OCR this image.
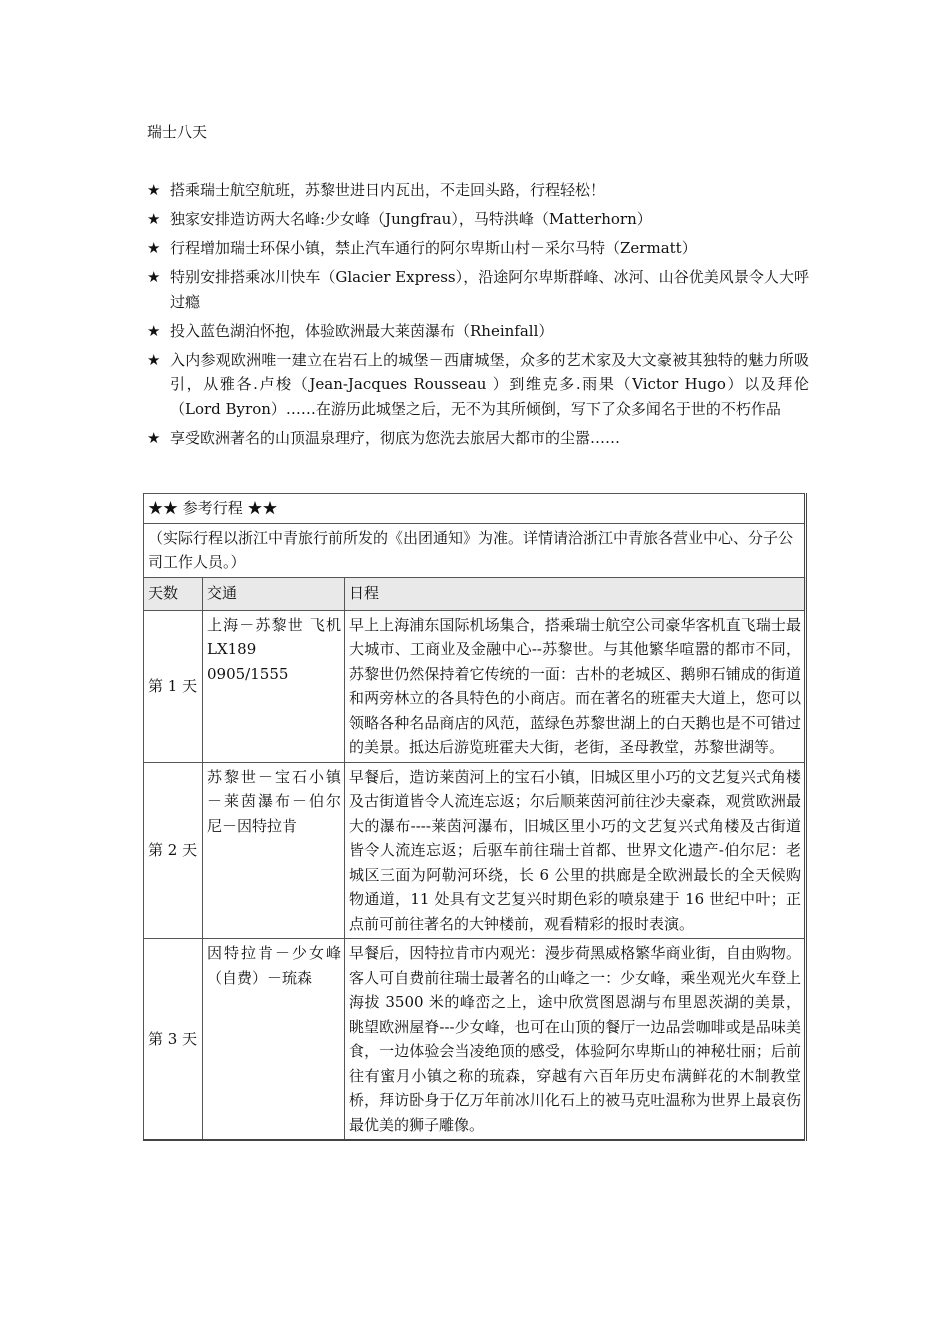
瑞士八天
★ 搭乘瑞士航空航班，苏黎世进日内瓦出，不走回头路，行程轻松！
★ 独家安排造访两大名峰:少女峰（Jungfrau），马特洪峰（Matterhorn）
★ 行程增加瑞士环保小镇，禁止汽车通行的阿尔卑斯山村－采尔马特（Zermatt）
★ 特别安排搭乘冰川快车（Glacier Express），沿途阿尔卑斯群峰、冰河、山谷优美风景令人大呼过瘾
★ 投入蓝色湖泊怀抱，体验欧洲最大莱茵瀑布（Rheinfall）
★ 入内参观欧洲唯一建立在岩石上的城堡－西庸城堡，众多的艺术家及大文豪被其独特的魅力所吸引，从雅各.卢梭（Jean-Jacques Rousseau ）到维克多.雨果（Victor Hugo）以及拜伦（Lord Byron）……在游历此城堡之后，无不为其所倾倒，写下了众多闻名于世的不朽作品
★ 享受欧洲著名的山顶温泉理疗，彻底为您洗去旅居大都市的尘嚣……
★★ 参考行程 ★★		
（实际行程以浙江中青旅行前所发的《出团通知》为准。详情请洽浙江中青旅各营业中心、分子公司工作人员。）		
天数	交通	日程
第 1 天	上海－苏黎世 飞机 LX189 0905/1555	早上上海浦东国际机场集合，搭乘瑞士航空公司豪华客机直飞瑞士最大城市、工商业及金融中心--苏黎世。与其他繁华喧嚣的都市不同，苏黎世仍然保持着它传统的一面：古朴的老城区、鹅卵石铺成的街道和两旁林立的各具特色的小商店。而在著名的班霍夫大道上，您可以领略各种名品商店的风范，蓝绿色苏黎世湖上的白天鹅也是不可错过的美景。抵达后游览班霍夫大街，老街，圣母教堂，苏黎世湖等。
第 2 天	苏黎世－宝石小镇－莱茵瀑布－伯尔尼－因特拉肯	早餐后，造访莱茵河上的宝石小镇，旧城区里小巧的文艺复兴式角楼及古街道皆令人流连忘返；尔后顺莱茵河前往沙夫豪森，观赏欧洲最大的瀑布----莱茵河瀑布，旧城区里小巧的文艺复兴式角楼及古街道皆令人流连忘返；后驱车前往瑞士首都、世界文化遗产-伯尔尼：老城区三面为阿勒河环绕，长 6 公里的拱廊是全欧洲最长的全天候购物通道，11 处具有文艺复兴时期色彩的喷泉建于 16 世纪中叶；正点前可前往著名的大钟楼前，观看精彩的报时表演。
第 3 天	因特拉肯－少女峰（自费）－琉森	早餐后，因特拉肯市内观光：漫步荷黑威格繁华商业街，自由购物。客人可自费前往瑞士最著名的山峰之一：少女峰，乘坐观光火车登上海拔 3500 米的峰峦之上，途中欣赏图恩湖与布里恩茨湖的美景，眺望欧洲屋脊---少女峰，也可在山顶的餐厅一边品尝咖啡或是品味美食，一边体验会当凌绝顶的感受，体验阿尔卑斯山的神秘壮丽；后前往有蜜月小镇之称的琉森，穿越有六百年历史布满鲜花的木制教堂桥，拜访卧身于亿万年前冰川化石上的被马克吐温称为世界上最哀伤最优美的狮子雕像。
